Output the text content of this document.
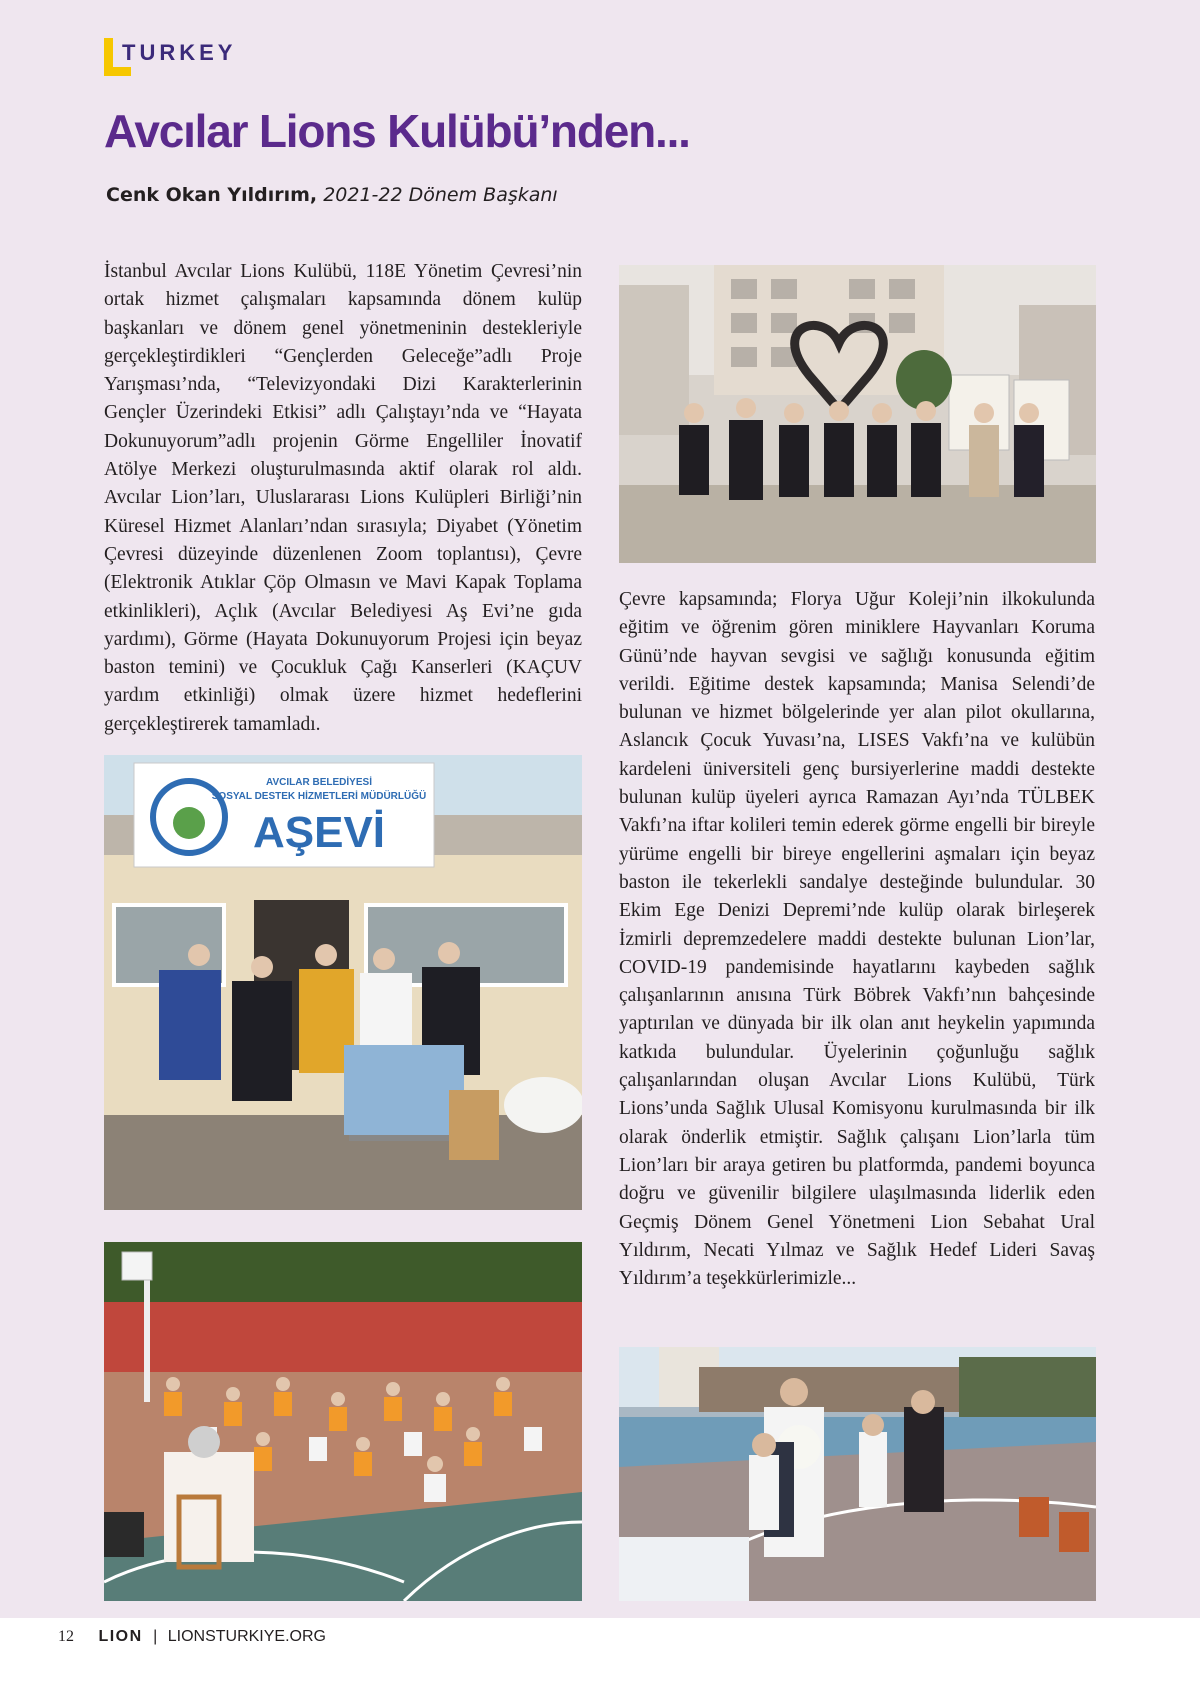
TURKEY
Avcılar Lions Kulübü’nden...
Cenk Okan Yıldırım, 2021-22 Dönem Başkanı

İstanbul Avcılar Lions Kulübü, 118E Yönetim Çevresi’nin ortak hizmet çalışmaları kapsamında dönem kulüp başkanları ve dönem genel yönetmeninin destekleriyle gerçekleştirdikleri “Gençlerden Geleceğe”adlı Proje Yarışması’nda, “Televizyondaki Dizi Karakterlerinin Gençler Üzerindeki Etkisi” adlı Çalıştayı’nda ve “Hayata Dokunuyorum”adlı projenin Görme Engelliler İnovatif Atölye Merkezi oluşturulmasında aktif olarak rol aldı. Avcılar Lion’ları, Uluslararası Lions Kulüpleri Birliği’nin Küresel Hizmet Alanları’ndan sırasıyla; Diyabet (Yönetim Çevresi düzeyinde düzenlenen Zoom toplantısı), Çevre (Elektronik Atıklar Çöp Olmasın ve Mavi Kapak Toplama etkinlikleri), Açlık (Avcılar Belediyesi Aş Evi’ne gıda yardımı), Görme (Hayata Dokunuyorum Projesi için beyaz baston temini) ve Çocukluk Çağı Kanserleri (KAÇUV yardım etkinliği) olmak üzere hizmet hedeflerini gerçekleştirerek tamamladı.

Çevre kapsamında; Florya Uğur Koleji’nin ilkokulunda eğitim ve öğrenim gören miniklere Hayvanları Koruma Günü’nde hayvan sevgisi ve sağlığı konusunda eğitim verildi. Eğitime destek kapsamında; Manisa Selendi’de bulunan ve hizmet bölgelerinde yer alan pilot okullarına, Aslancık Çocuk Yuvası’na, LISES Vakfı’na ve kulübün kardeleni üniversiteli genç bursiyerlerine maddi destekte bulunan kulüp üyeleri ayrıca Ramazan Ayı’nda TÜLBEK Vakfı’na iftar kolileri temin ederek görme engelli bir bireyle yürüme engelli bir bireye engellerini aşmaları için beyaz baston ile tekerlekli sandalye desteğinde bulundular. 30 Ekim Ege Denizi Depremi’nde kulüp olarak birleşerek İzmirli depremzedelere maddi destekte bulunan Lion’lar, COVID-19 pandemisinde hayatlarını kaybeden sağlık çalışanlarının anısına Türk Böbrek Vakfı’nın bahçesinde yaptırılan ve dünyada bir ilk olan anıt heykelin yapımında katkıda bulundular. Üyelerinin çoğunluğu sağlık çalışanlarından oluşan Avcılar Lions Kulübü, Türk Lions’unda Sağlık Ulusal Komisyonu kurulmasında bir ilk olarak önderlik etmiştir. Sağlık çalışanı Lion’larla tüm Lion’ları bir araya getiren bu platformda, pandemi boyunca doğru ve güvenilir bilgilere ulaşılmasında liderlik eden Geçmiş Dönem Genel Yönetmeni Lion Sebahat Ural Yıldırım, Necati Yılmaz ve Sağlık Hedef Lideri Savaş Yıldırım’a teşekkürlerimizle...

AVCILAR BELEDİYESİ
SOSYAL DESTEK HİZMETLERİ MÜDÜRLÜĞÜ
AŞEVİ
12 LION | LIONSTURKIYE.ORG
